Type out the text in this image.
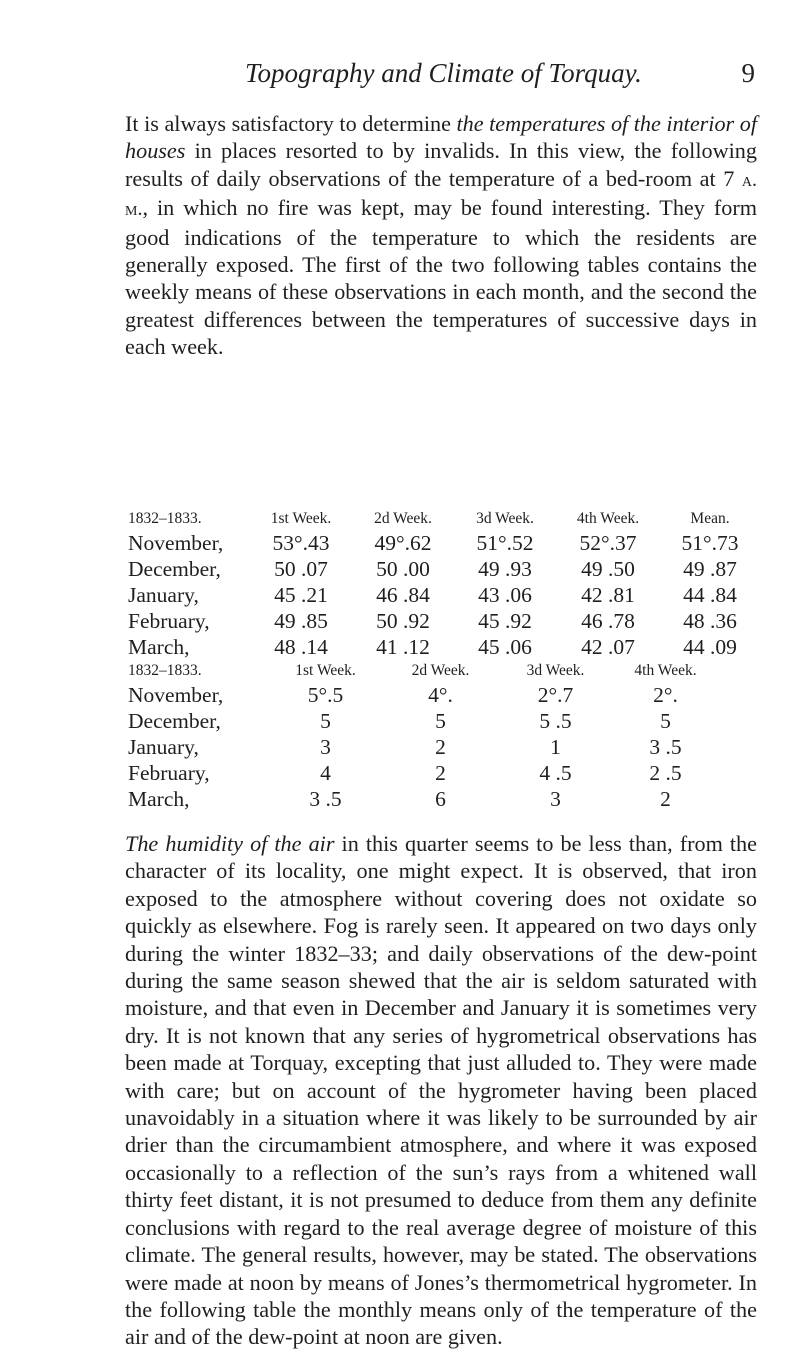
Topography and Climate of Torquay.	9

It is always satisfactory to determine the temperatures of the interior of houses in places resorted to by invalids. In this view, the following results of daily observations of the temperature of a bed-room at 7 a. m., in which no fire was kept, may be found interesting. They form good indications of the temperature to which the residents are generally exposed. The first of the two following tables contains the weekly means of these observations in each month, and the second the greatest differences between the temperatures of successive days in each week.

1832–1833.	1st Week.	2d Week.	3d Week.	4th Week.	Mean.
November,	53°.43	49°.62	51°.52	52°.37	51°.73
December,	50 .07	50 .00	49 .93	49 .50	49 .87
January,	45 .21	46 .84	43 .06	42 .81	44 .84
February,	49 .85	50 .92	45 .92	46 .78	48 .36
March,	48 .14	41 .12	45 .06	42 .07	44 .09
1832–1833.	1st Week.	2d Week.	3d Week.	4th Week.
November,	5°.5	4°.	2°.7	2°.
December,	5	5	5 .5	5
January,	3	2	1	3 .5
February,	4	2	4 .5	2 .5
March,	3 .5	6	3	2

The humidity of the air in this quarter seems to be less than, from the character of its locality, one might expect. It is observed, that iron exposed to the atmosphere without covering does not oxidate so quickly as elsewhere. Fog is rarely seen. It appeared on two days only during the winter 1832–33; and daily observations of the dew-point during the same season shewed that the air is seldom saturated with moisture, and that even in December and January it is sometimes very dry. It is not known that any series of hygrometrical observations has been made at Torquay, excepting that just alluded to. They were made with care; but on account of the hygrometer having been placed unavoidably in a situation where it was likely to be surrounded by air drier than the circumambient atmosphere, and where it was exposed occasionally to a reflection of the sun’s rays from a whitened wall thirty feet distant, it is not presumed to deduce from them any definite conclusions with regard to the real average degree of moisture of this climate. The general results, however, may be stated. The observations were made at noon by means of Jones’s thermometrical hygrometer. In the following table the monthly means only of the temperature of the air and of the dew-point at noon are given.
